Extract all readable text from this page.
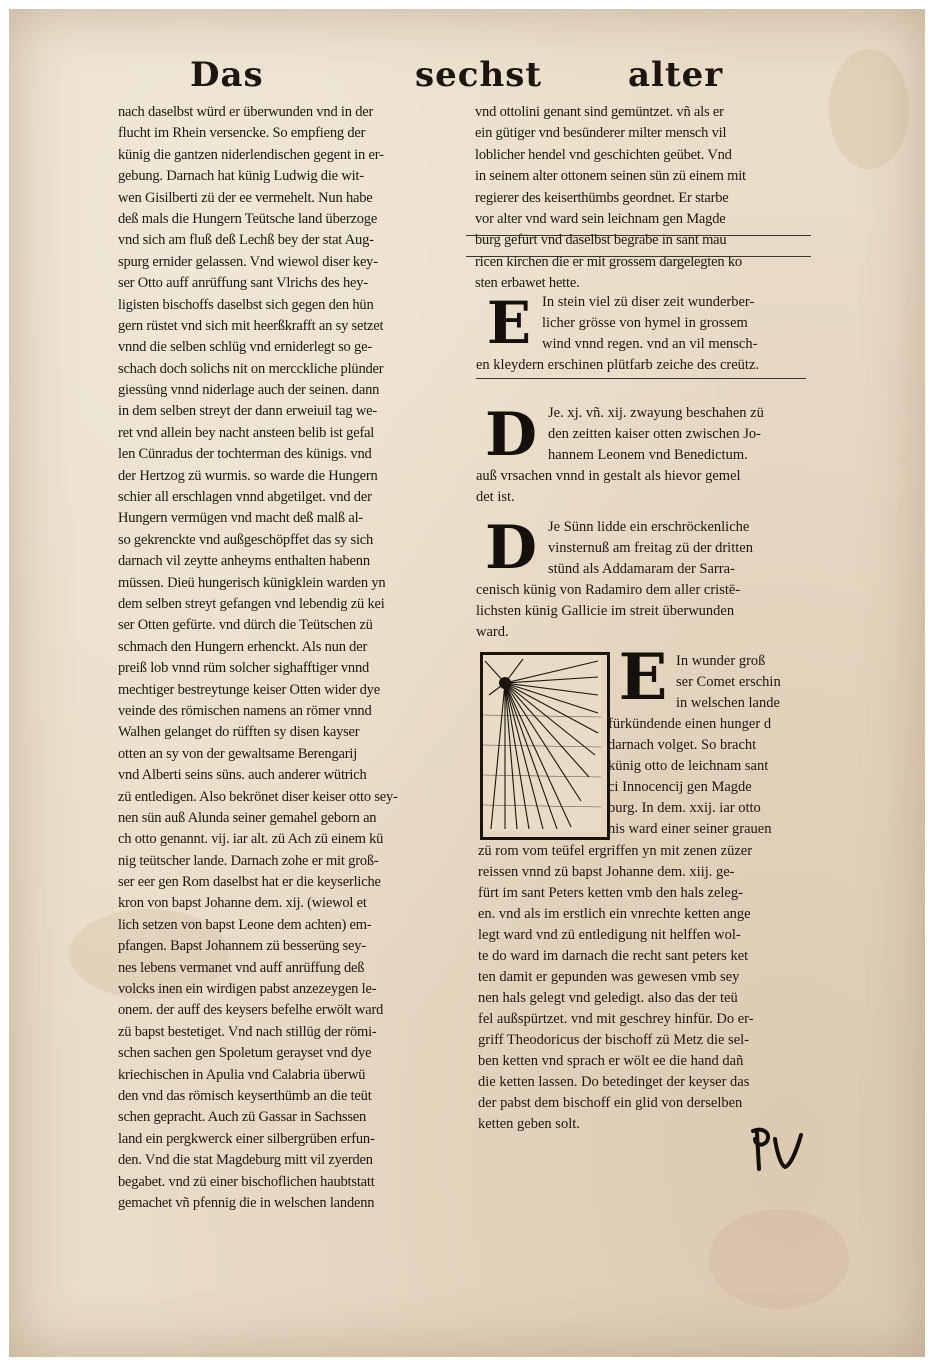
Das	sechst	alter
nach daselbst würd er überwunden vnd in der
flucht im Rhein versencke. So empfieng der
künig die gantzen niderlendischen gegent in er-
gebung. Darnach hat künig Ludwig die wit-
wen Gisilberti zü der ee vermehelt. Nun habe
deß mals die Hungern Teütsche land überzoge
vnd sich am fluß deß Lechß bey der stat Aug-
spurg ernider gelassen. Vnd wiewol diser key-
ser Otto auff anrüffung sant Vlrichs des hey-
ligisten bischoffs daselbst sich gegen den hün
gern rüstet vnd sich mit heerßkrafft an sy setzet
vnnd die selben schlüg vnd erniderlegt so ge-
schach doch solichs nit on mercckliche plünder
giessüng vnnd niderlage auch der seinen. dann
in dem selben streyt der dann erweiuil tag we-
ret vnd allein bey nacht ansteen belib ist gefal
len Cünradus der tochterman des künigs. vnd
der Hertzog zü wurmis. so warde die Hungern
schier all erschlagen vnnd abgetilget. vnd der
Hungern vermügen vnd macht deß malß al-
so gekrenckte vnd außgeschöpffet das sy sich
darnach vil zeytte anheyms enthalten habenn
müssen. Dieü hungerisch künigklein warden yn
dem selben streyt gefangen vnd lebendig zü kei
ser Otten gefürte. vnd dürch die Teütschen zü
schmach den Hungern erhenckt. Als nun der
preiß lob vnnd rüm solcher sighafftiger vnnd
mechtiger bestreytunge keiser Otten wider dye
veinde des römischen namens an römer vnnd
Walhen gelanget do rüfften sy disen kayser
otten an sy von der gewaltsame Berengarij
vnd Alberti seins süns. auch anderer wütrich
zü entledigen. Also bekrönet diser keiser otto sey-
nen sün auß Alunda seiner gemahel geborn an
ch otto genannt. vij. iar alt. zü Ach zü einem kü
nig teütscher lande. Darnach zohe er mit groß-
ser eer gen Rom daselbst hat er die keyserliche
kron von bapst Johanne dem. xij. (wiewol et
lich setzen von bapst Leone dem achten) em-
pfangen. Bapst Johannem zü besserüng sey-
nes lebens vermanet vnd auff anrüffung deß
volcks inen ein wirdigen pabst anzezeygen le-
onem. der auff des keysers befelhe erwölt ward
zü bapst bestetiget. Vnd nach stillüg der römi-
schen sachen gen Spoletum gerayset vnd dye
kriechischen in Apulia vnd Calabria überwü
den vnd das römisch keyserthümb an die teüt
schen gepracht. Auch zü Gassar in Sachssen
land ein pergkwerck einer silbergrüben erfun-
den. Vnd die stat Magdeburg mitt vil zyerden
begabet. vnd zü einer bischoflichen haubtstatt
gemachet vñ pfennig die in welschen landenn
vnd ottolini genant sind gemüntzet. vñ als er
ein gütiger vnd besünderer milter mensch vil
loblicher hendel vnd geschichten geübet. Vnd
in seinem alter ottonem seinen sün zü einem mit
regierer des keiserthümbs geordnet. Er starbe
vor alter vnd ward sein leichnam gen Magde
burg gefürt vnd daselbst begrabe in sant mau
ricen kirchen die er mit grossem dargelegten ko
sten erbawet hette.
E In stein viel zü diser zeit wunderber-
licher grösse von hymel in grossem
wind vnnd regen. vnd an vil mensch-
en kleydern erschinen plütfarb zeiche des creütz.
D Je. xj. vñ. xij. zwayung beschahen zü
den zeitten kaiser otten zwischen Jo-
hannem Leonem vnd Benedictum.
auß vrsachen vnnd in gestalt als hievor gemel
det ist.
D Je Sünn lidde ein erschröckenliche
vinsternuß am freitag zü der dritten
stünd als Addamaram der Sarra-
cenisch künig von Radamiro dem aller cristē-
lichsten künig Gallicie im streit überwunden
ward.
E In wunder groß
ser Comet erschin
in welschen lande
fürkündende einen hunger d
darnach volget. So bracht
künig otto de leichnam sant
ci Innocencij gen Magde
burg. In dem. xxij. iar otto
nis ward einer seiner grauen
zü rom vom teüfel ergriffen yn mit zenen züzer
reissen vnnd zü bapst Johanne dem. xiij. ge-
fürt im sant Peters ketten vmb den hals zeleg-
en. vnd als im erstlich ein vnrechte ketten ange
legt ward vnd zü entledigung nit helffen wol-
te do ward im darnach die recht sant peters ket
ten damit er gepunden was gewesen vmb sey
nen hals gelegt vnd geledigt. also das der teü
fel außspürtzet. vnd mit geschrey hinfür. Do er-
griff Theodoricus der bischoff zü Metz die sel-
ben ketten vnd sprach er wölt ee die hand dañ
die ketten lassen. Do betedinget der keyser das
der pabst dem bischoff ein glid von derselben
ketten geben solt.
